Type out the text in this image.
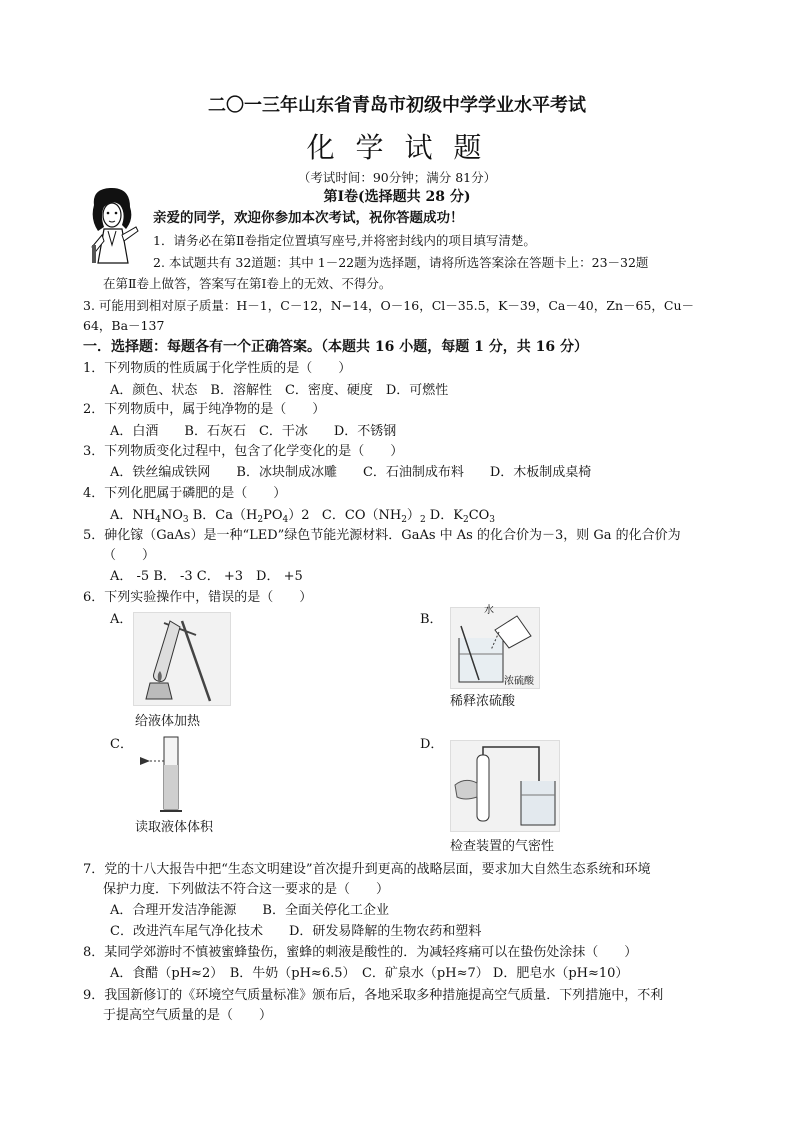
二〇一三年山东省青岛市初级中学学业水平考试
化 学 试 题
（考试时间：90分钟；满分 81分）
第Ⅰ卷(选择题共 28 分)
亲爱的同学，欢迎你参加本次考试，祝你答题成功！
1．请务必在第Ⅱ卷指定位置填写座号,并将密封线内的项目填写清楚。
2. 本试题共有 32道题：其中 1－22题为选择题，请将所选答案涂在答题卡上：23－32题
在第Ⅱ卷上做答，答案写在第Ⅰ卷上的无效、不得分。
3. 可能用到相对原子质量：H－1，C－12，N−14，O－16，Cl－35.5，K－39，Ca－40，Zn－65，Cu－
64，Ba－137
一．选择题：每题各有一个正确答案。（本题共 16 小题，每题 1 分，共 16 分）
1．下列物质的性质属于化学性质的是（　　）
A．颜色、状态　B．溶解性　C．密度、硬度　D．可燃性
2．下列物质中，属于纯净物的是（　　）
A．白酒　　B．石灰石　C．干冰　　D．不锈钢
3．下列物质变化过程中，包含了化学变化的是（　　）
A．铁丝编成铁网　　B．冰块制成冰雕　　C．石油制成布料　　D．木板制成桌椅
4．下列化肥属于磷肥的是（　　）
A．$NH_4NO_3$ B．$Ca(H_2PO_4)2$ C．$CO(NH_2)_2$ D．$K_2CO_3$
5．砷化镓（GaAs）是一种“LED”绿色节能光源材料．GaAs 中 As 的化合价为－3，则 Ga 的化合价为
（　　）
A． -5 B． -3 C． +3　D． +5
6．下列实验操作中，错误的是（　　）
A．
给液体加热
B．
水
浓硫酸
稀释浓硫酸
C．
读取液体体积
D．
检查装置的气密性
7．党的十八大报告中把“生态文明建设”首次提升到更高的战略层面，要求加大自然生态系统和环境
保护力度．下列做法不符合这一要求的是（　　）
A．合理开发洁净能源　　B．全面关停化工企业
C．改进汽车尾气净化技术　　D．研发易降解的生物农药和塑料
8．某同学郊游时不慎被蜜蜂蛰伤，蜜蜂的刺液是酸性的．为减轻疼痛可以在蛰伤处涂抹（　　）
A．食醋（pH≈2）　B．牛奶（pH≈6.5）　C．矿泉水（pH≈7） D．肥皂水（pH≈10）
9．我国新修订的《环境空气质量标准》颁布后，各地采取多种措施提高空气质量．下列措施中，不利
于提高空气质量的是（　　）
